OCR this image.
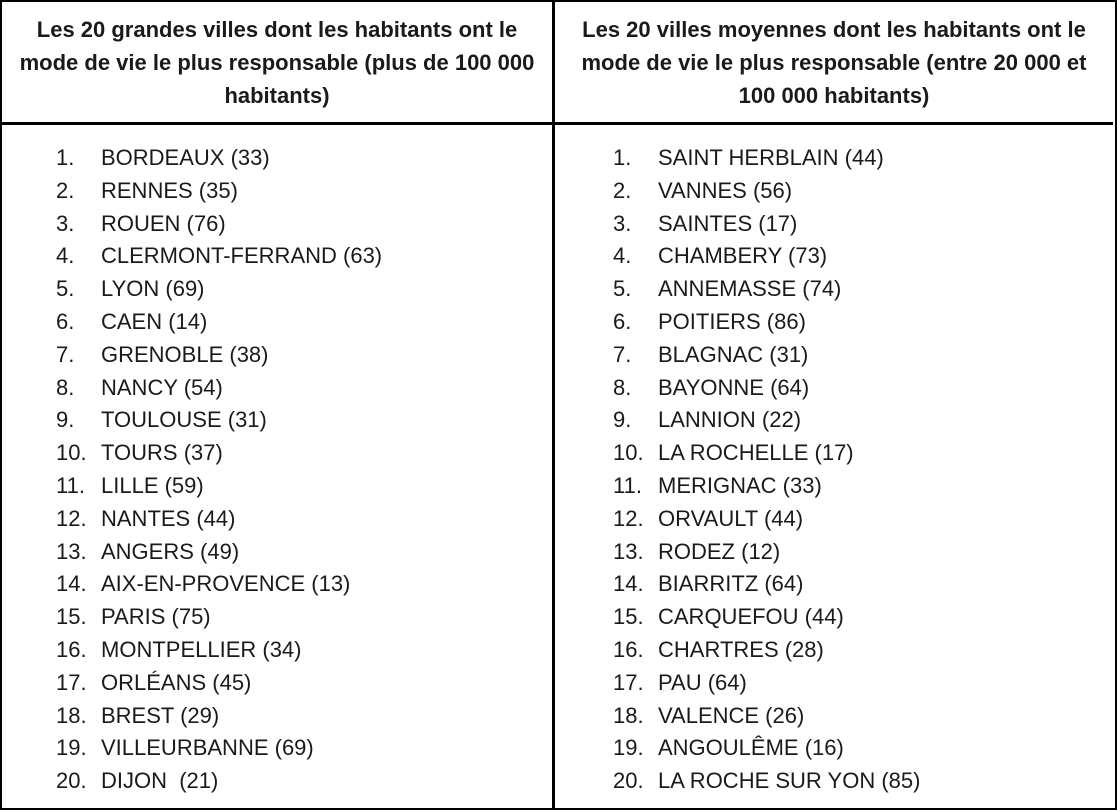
Les 20 grandes villes dont les habitants ont le mode de vie le plus responsable (plus de 100 000 habitants)
Les 20 villes moyennes dont les habitants ont le mode de vie le plus responsable (entre 20 000 et 100 000 habitants)
1.	BORDEAUX (33)
2.	RENNES (35)
3.	ROUEN (76)
4.	CLERMONT-FERRAND (63)
5.	LYON (69)
6.	CAEN (14)
7.	GRENOBLE (38)
8.	NANCY (54)
9.	TOULOUSE (31)
10. TOURS (37)
11. LILLE (59)
12. NANTES (44)
13. ANGERS (49)
14. AIX-EN-PROVENCE (13)
15. PARIS (75)
16. MONTPELLIER (34)
17. ORLÉANS (45)
18. BREST (29)
19. VILLEURBANNE (69)
20. DIJON  (21)
1.	SAINT HERBLAIN (44)
2.	VANNES (56)
3.	SAINTES (17)
4.	CHAMBERY (73)
5.	ANNEMASSE (74)
6.	POITIERS (86)
7.	BLAGNAC (31)
8.	BAYONNE (64)
9.	LANNION (22)
10. LA ROCHELLE (17)
11. MERIGNAC (33)
12. ORVAULT (44)
13. RODEZ (12)
14. BIARRITZ (64)
15. CARQUEFOU (44)
16. CHARTRES (28)
17. PAU (64)
18. VALENCE (26)
19. ANGOULÊME (16)
20. LA ROCHE SUR YON (85)
